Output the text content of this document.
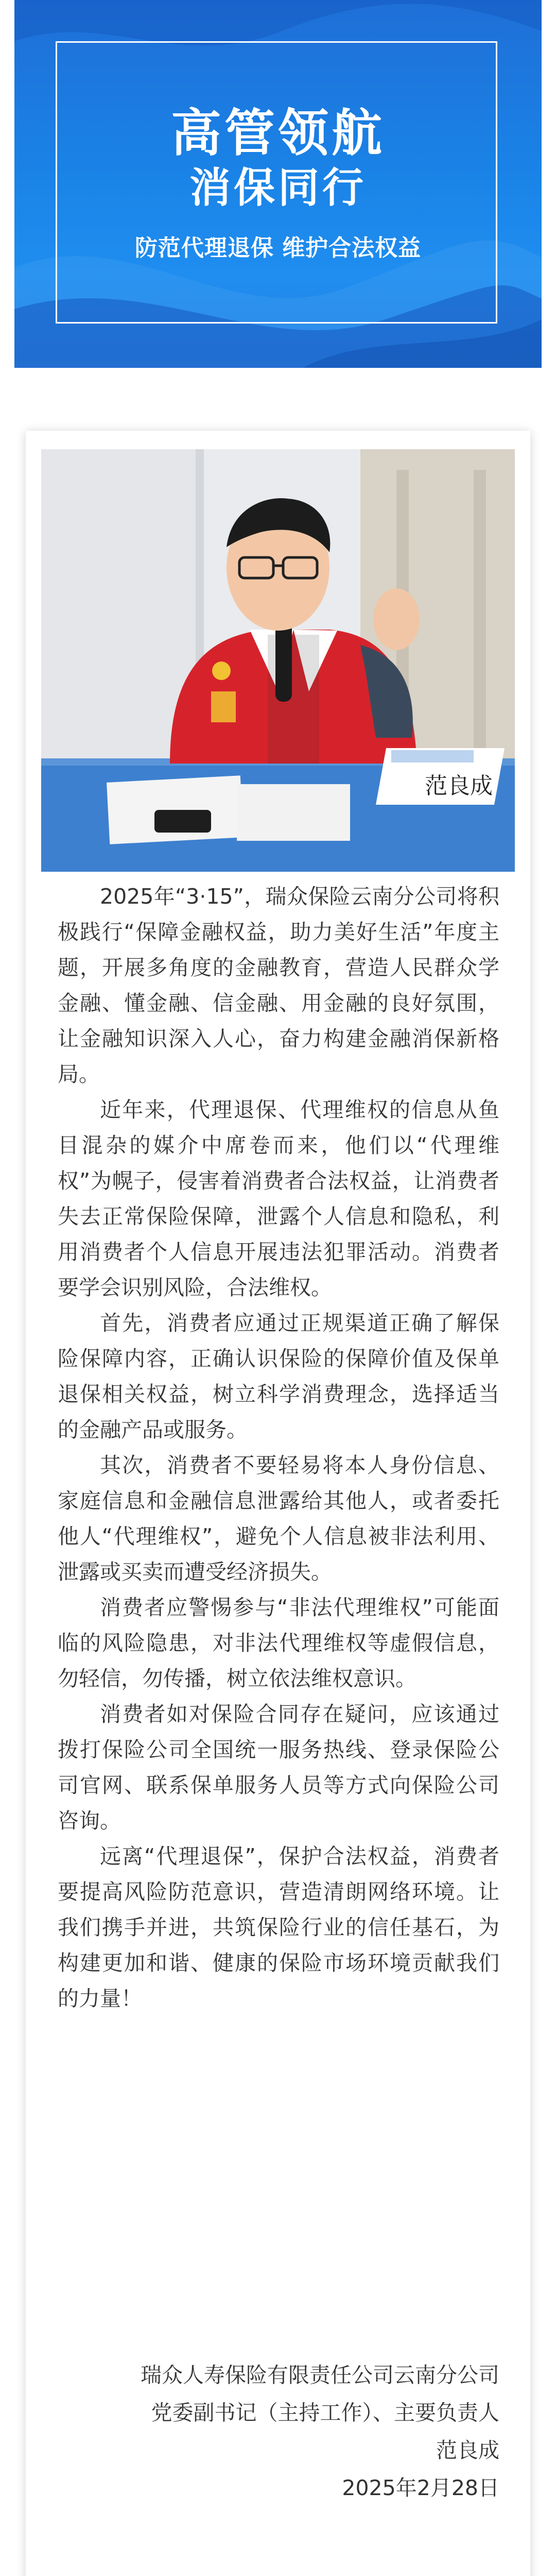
高管领航
消保同行
防范代理退保 维护合法权益
范良成

2025年“3·15”，瑞众保险云南分公司将积极践行“保障金融权益，助力美好生活”年度主题，开展多角度的金融教育，营造人民群众学金融、懂金融、信金融、用金融的良好氛围，让金融知识深入人心，奋力构建金融消保新格局。

近年来，代理退保、代理维权的信息从鱼目混杂的媒介中席卷而来，他们以“代理维权”为幌子，侵害着消费者合法权益，让消费者失去正常保险保障，泄露个人信息和隐私，利用消费者个人信息开展违法犯罪活动。消费者要学会识别风险，合法维权。

首先，消费者应通过正规渠道正确了解保险保障内容，正确认识保险的保障价值及保单退保相关权益，树立科学消费理念，选择适当的金融产品或服务。

其次，消费者不要轻易将本人身份信息、家庭信息和金融信息泄露给其他人，或者委托他人“代理维权”，避免个人信息被非法利用、泄露或买卖而遭受经济损失。

消费者应警惕参与“非法代理维权”可能面临的风险隐患，对非法代理维权等虚假信息，勿轻信，勿传播，树立依法维权意识。

消费者如对保险合同存在疑问，应该通过拨打保险公司全国统一服务热线、登录保险公司官网、联系保单服务人员等方式向保险公司咨询。

远离“代理退保”，保护合法权益，消费者要提高风险防范意识，营造清朗网络环境。让我们携手并进，共筑保险行业的信任基石，为构建更加和谐、健康的保险市场环境贡献我们的力量！

瑞众人寿保险有限责任公司云南分公司
党委副书记（主持工作）、主要负责人
范良成
2025年2月28日
